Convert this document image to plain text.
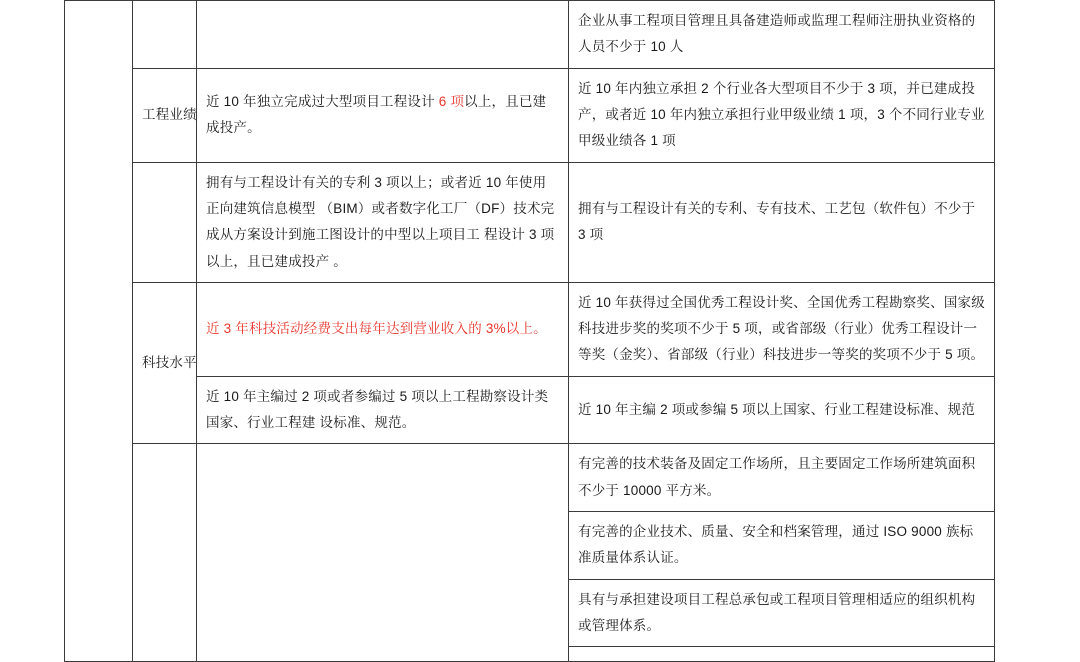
			企业从事工程项目管理且具备建造师或监理工程师注册执业资格的人员不少于 10 人
	工程业绩	近 10 年独立完成过大型项目工程设计 6 项以上，且已建成投产。	近 10 年内独立承担 2 个行业各大型项目不少于 3 项，并已建成投产，或者近 10 年内独立承担行业甲级业绩 1 项，3 个不同行业专业甲级业绩各 1 项
		拥有与工程设计有关的专利 3 项以上；或者近 10 年使用正向建筑信息模型 （BIM）或者数字化工厂（DF）技术完成从方案设计到施工图设计的中型以上项目工 程设计 3 项以上，且已建成投产 。	拥有与工程设计有关的专利、专有技术、工艺包（软件包）不少于 3 项
	科技水平	近 3 年科技活动经费支出每年达到营业收入的 3%以上。	近 10 年获得过全国优秀工程设计奖、全国优秀工程勘察奖、国家级科技进步奖的奖项不少于 5 项，或省部级（行业）优秀工程设计一等奖（金奖）、省部级（行业）科技进步一等奖的奖项不少于 5 项。
		近 10 年主编过 2 项或者参编过 5 项以上工程勘察设计类国家、行业工程建 设标准、规范。	近 10 年主编 2 项或参编 5 项以上国家、行业工程建设标准、规范
			有完善的技术装备及固定工作场所，且主要固定工作场所建筑面积不少于 10000 平方米。
			有完善的企业技术、质量、安全和档案管理，通过 ISO 9000 族标准质量体系认证。
			具有与承担建设项目工程总承包或工程项目管理相适应的组织机构或管理体系。
